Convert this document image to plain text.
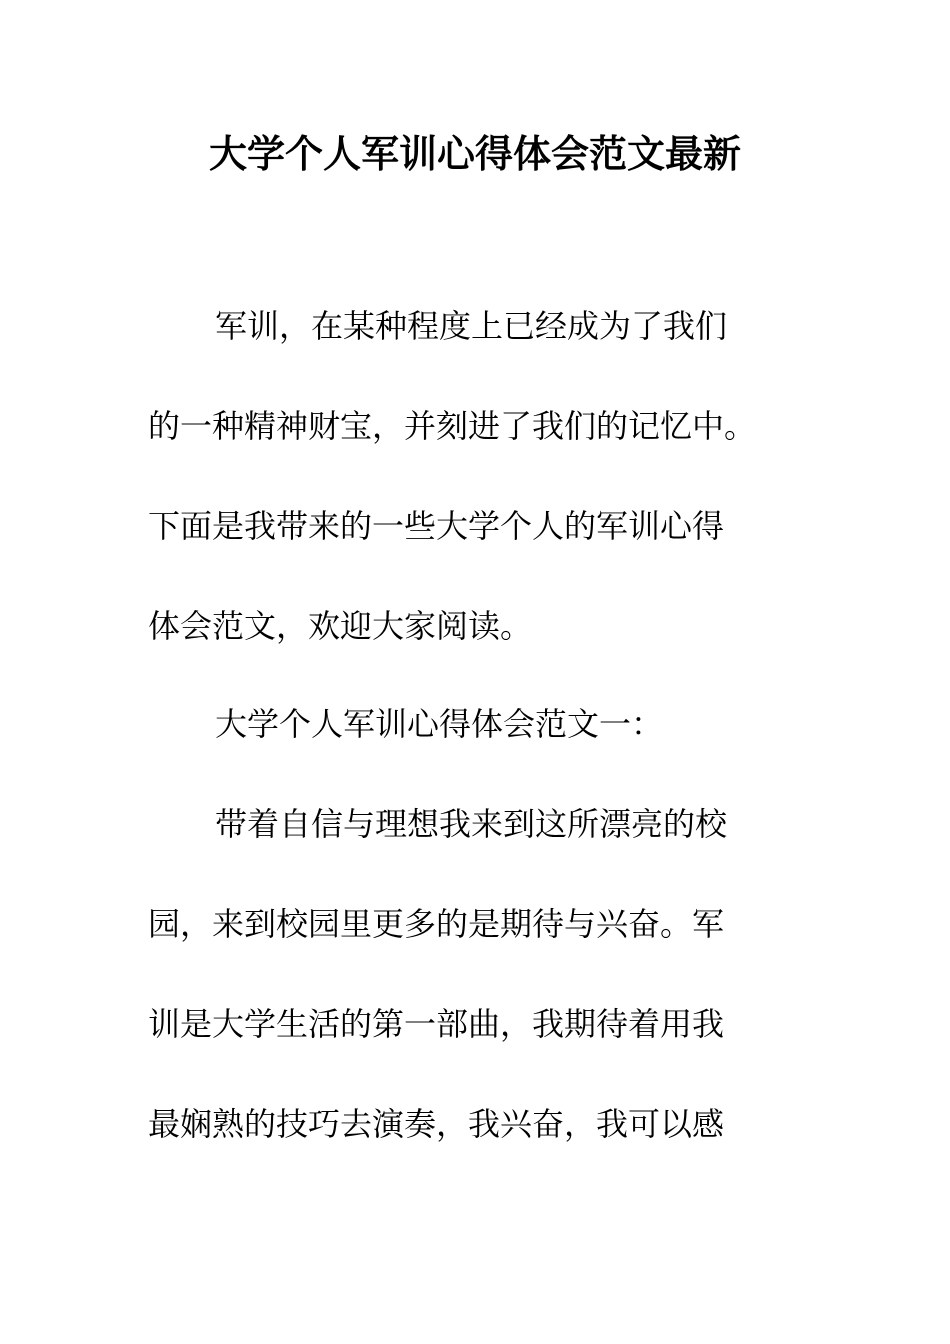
大学个人军训心得体会范文最新
军训，在某种程度上已经成为了我们
的一种精神财宝，并刻进了我们的记忆中。
下面是我带来的一些大学个人的军训心得
体会范文，欢迎大家阅读。
大学个人军训心得体会范文一：
带着自信与理想我来到这所漂亮的校
园，来到校园里更多的是期待与兴奋。军
训是大学生活的第一部曲，我期待着用我
最娴熟的技巧去演奏，我兴奋，我可以感
